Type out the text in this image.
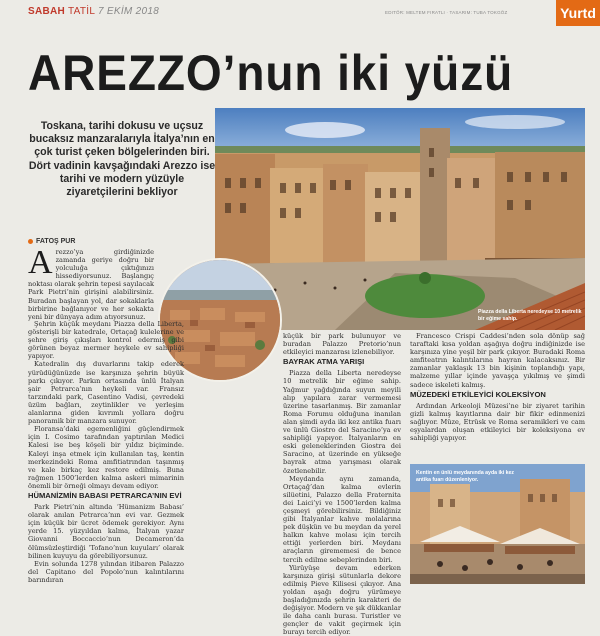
SABAH TATİL 7 EKİM 2018	EDITÖR: MELTEM FIRATLI · TASARIM: TUBA TOKGÖZ	Yurtd
AREZZO’nun iki yüzü
Toskana, tarihi dokusu ve uçsuz bucaksız manzaralarıyla İtalya’nın en çok turist çeken bölgelerinden biri. Dört vadinin kavşağındaki Arezzo ise tarihi ve modern yüzüyle ziyaretçilerini bekliyor
FATOŞ PUR
Piazza della Liberta neredeyse 10 metrelik bir eğime sahip.

Arezzo’ya girdiğinizde zamanda geriye doğru bir yolculuğa çıktığınızı hissediyorsunuz. Başlangıç noktası olarak şehrin tepesi sayılacak Park Pietri’nin girişini alabilirsiniz. Buradan başlayan yol, dar sokaklarla birbirine bağlanıyor ve her sokakta yeni bir dünyaya adım atıyorsunuz.

Şehrin küçük meydanı Piazza della Liberta, gösterişli bir katedrale, Ortaçağ kulelerine ve şehre giriş çıkışları kontrol edermiş gibi görünen beyaz mermer heykele ev sahipliği yapıyor.

Katedralin dış duvarlarını takip ederek yürüdüğünüzde ise karşınıza şehrin büyük parkı çıkıyor. Parkın ortasında ünlü İtalyan şair Petrarca’nın heykeli var. Fransız tarzındaki park, Casentino Vadisi, çevredeki üzüm bağları, zeytinlikler ve yerleşim alanlarına giden kıvrımlı yollara doğru panoramik bir manzara sunuyor.

Floransa’daki egemenliğini güçlendirmek için I. Cosimo tarafından yaptırılan Medici Kalesi ise beş köşeli bir yıldız biçiminde. Kaleyi inşa etmek için kullanılan taş, kentin merkezindeki Roma amfitiatrından taşınmış ve kale birkaç kez restore edilmiş. Buna rağmen 1500’lerden kalma askeri mimarinin önemli bir örneği olmayı devam ediyor.

HÜMANİZMİN BABASI PETRARCA’NIN EVİ

Park Pietri’nin altında ‘Hümanizm Babası’ olarak anılan Petrarca’nın evi var. Gezmek için küçük bir ücret ödemek gerekiyor. Aynı yerde 15. yüzyıldan kalma, İtalyan yazar Giovanni Boccaccio’nun Decameron’da ölümsüzleştirdiği ‘Tofano’nun kuyuları’ olarak bilinen kuyuyu da görebiliyorsunuz.

Evin solunda 1278 yılından itibaren Palazzo del Capitano del Popolo’nun kalıntılarını barındıran

küçük bir park bulunuyor ve buradan Palazzo Pretorio’nun etkileyici manzarası izlenebiliyor.

BAYRAK ATMA YARIŞI

Piazza della Liberta neredeyse 10 metrelik bir eğime sahip. Yağmur yağdığında suyun meyili alıp yapılara zarar vermemesi üzerine tasarlanmış. Bir zamanlar Roma Forumu olduğuna inanılan alan şimdi ayda iki kez antika fuarı ve ünlü Giostro del Saracino’ya ev sahipliği yapıyor. İtalyanların en eski geleneklerinden Giostra dei Saracino, at üzerinde en yükseğe bayrak atma yarışması olarak özetlenebilir.

Meydanda aynı zamanda, Ortaçağ’dan kalma evlerin silüetini, Palazzo della Fraternita dei Laici’yi ve 1500’lerden kalma çeşmeyi görebilirsiniz. Bildiğiniz gibi İtalyanlar kahve molalarına pek düşkün ve bu meydan da yerel halkın kahve molası için tercih ettiği yerlerden biri. Meydanı araçların girememesi de bence tercih edilme sebeplerinden biri.

Yürüyüşe devam ederken karşınıza girişi sütunlarla dekore edilmiş Pieve Kilisesi çıkıyor. Ana yoldan aşağı doğru yürümeye başladığınızda şehrin karakteri de değişiyor. Modern ve şık dükkanlar ile daha canlı burası. Turistler ve gençler de vakit geçirmek için burayı tercih ediyor.

Francesco Crispi Caddesi’nden sola dönüp sağ taraftaki kısa yoldan aşağıya doğru indiğinizde ise karşınıza yine yeşil bir park çıkıyor. Buradaki Roma amfiteatrın kalıntılarına hayran kalacaksınız. Bir zamanlar yaklaşık 13 bin kişinin toplandığı yapı, malzeme yıllar içinde yavaşça yıkılmış ve şimdi sadece iskeleti kalmış.

MÜZEDEKİ ETKİLEYİCİ KOLEKSİYON

Ardından Arkeoloji Müzesi’ne bir ziyaret tarihin gizli kalmış kayıtlarına dair bir fikir edinmenizi sağlıyor. Müze, Etrüsk ve Roma seramikleri ve cam eşyalardan oluşan etkileyici bir koleksiyona ev sahipliği yapıyor.

Kentin en ünlü meydanında ayda iki kez antika fuarı düzenleniyor.
